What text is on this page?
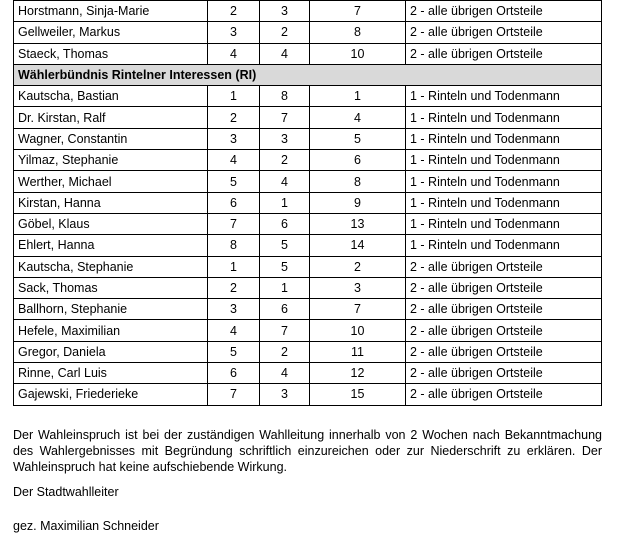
Horstmann, Sinja-Marie	2	3	7	2 - alle übrigen Ortsteile
Gellweiler, Markus	3	2	8	2 - alle übrigen Ortsteile
Staeck, Thomas	4	4	10	2 - alle übrigen Ortsteile
Wählerbündnis Rintelner Interessen (RI)				
Kautscha, Bastian	1	8	1	1 - Rinteln und Todenmann
Dr. Kirstan, Ralf	2	7	4	1 - Rinteln und Todenmann
Wagner, Constantin	3	3	5	1 - Rinteln und Todenmann
Yilmaz, Stephanie	4	2	6	1 - Rinteln und Todenmann
Werther, Michael	5	4	8	1 - Rinteln und Todenmann
Kirstan, Hanna	6	1	9	1 - Rinteln und Todenmann
Göbel, Klaus	7	6	13	1 - Rinteln und Todenmann
Ehlert, Hanna	8	5	14	1 - Rinteln und Todenmann
Kautscha, Stephanie	1	5	2	2 - alle übrigen Ortsteile
Sack, Thomas	2	1	3	2 - alle übrigen Ortsteile
Ballhorn, Stephanie	3	6	7	2 - alle übrigen Ortsteile
Hefele, Maximilian	4	7	10	2 - alle übrigen Ortsteile
Gregor, Daniela	5	2	11	2 - alle übrigen Ortsteile
Rinne, Carl Luis	6	4	12	2 - alle übrigen Ortsteile
Gajewski, Friederieke	7	3	15	2 - alle übrigen Ortsteile
Der Wahleinspruch ist bei der zuständigen Wahlleitung innerhalb von 2 Wochen nach Bekanntmachung des Wahlergebnisses mit Begründung schriftlich einzureichen oder zur Niederschrift zu erklären. Der Wahleinspruch hat keine aufschiebende Wirkung.
Der Stadtwahlleiter
gez. Maximilian Schneider
